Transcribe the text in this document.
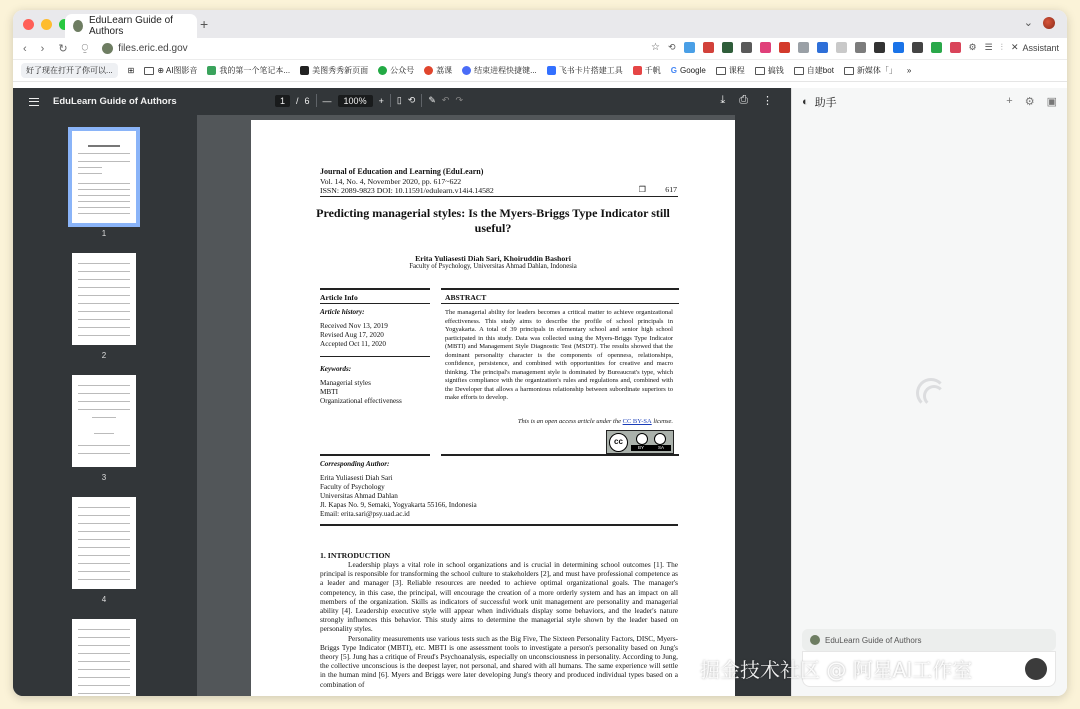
EduLearn Guide of Authors	+	⌄
‹ › ↻ ⍜	files.eric.ed.gov	☆ ⟲	⚙ ☰ ⫶ ✕ Assistant
好了现在打开了你可以... ⊞	⊕ AI图影音	我的第一个笔记本...	美图秀秀新页面	公众号	荔课	结束进程快捷键...	飞书卡片搭建工具	千帆 G Google	课程	搞钱	自建bot	新媒体「」 »
EduLearn Guide of Authors	1	/ 6 —	100%	+ ▯ ⟲ ✎ ↶ ↷	⤓ ⎙ ⋮
1
2
3
4
Journal of Education and Learning (EduLearn)
Vol. 14, No. 4, November 2020, pp. 617~622
ISSN: 2089-9823 DOI: 10.11591/edulearn.v14i4.14582	❒	617
Predicting managerial styles: Is the Myers-Briggs Type Indicator still useful?
Erita Yuliasesti Diah Sari, Khoiruddin Bashori
Faculty of Psychology, Universitas Ahmad Dahlan, Indonesia
Article Info	ABSTRACT
Article history:
Received Nov 13, 2019
Revised Aug 17, 2020
Accepted Oct 11, 2020
Keywords:
Managerial styles
MBTI
Organizational effectiveness
The managerial ability for leaders becomes a critical matter to achieve organizational effectiveness. This study aims to describe the profile of school principals in Yogyakarta. A total of 39 principals in elementary school and senior high school participated in this study. Data was collected using the Myers-Briggs Type Indicator (MBTI) and Management Style Diagnostic Test (MSDT). The results showed that the dominant personality character is the components of openness, relationships, confidence, persistence, and combined with opportunities for creative and macro thinking. The principal's management style is dominated by Bureaucrat's type, which signifies compliance with the organization's rules and regulations and, combined with the Developer that allows a harmonious relationship between subordinate superiors to make efforts to develop.
This is an open access article under the CC BY-SA license.
cc
BY	SA
Corresponding Author:
Erita Yuliasesti Diah Sari
Faculty of Psychology
Universitas Ahmad Dahlan
Jl. Kapas No. 9, Semaki, Yogyakarta 55166, Indonesia
Email: erita.sari@psy.uad.ac.id
1. INTRODUCTION

Leadership plays a vital role in school organizations and is crucial in determining school outcomes [1]. The principal is responsible for transforming the school culture to stakeholders [2], and must have professional competence as a leader and manager [3]. Reliable resources are needed to achieve optimal organizational goals. The manager's competency, in this case, the principal, will encourage the creation of a more orderly system and has an impact on all members of the organization. Skills as indicators of successful work unit management are personality and managerial ability [4]. Leadership executive style will appear when individuals display some behaviors, and the leader's nature strongly influences this behavior. This study aims to determine the managerial style shown by the leader based on personality styles.

Personality measurements use various tests such as the Big Five, The Sixteen Personality Factors, DISC, Myers-Briggs Type Indicator (MBTI), etc. MBTI is one assessment tools to investigate a person's personality based on Jung's theory [5]. Jung has a critique of Freud's Psychoanalysis, especially on unconsciousness in personality. According to Jung, the collective unconscious is the deepest layer, not personal, and shared with all humans. The same experience will settle in the human mind [6]. Myers and Briggs were later developing Jung's theory and produced individual types based on a combination of

◐ 助手	+ ⚙ ▣
EduLearn Guide of Authors
掘金技术社区 @ 阿星AI工作室
